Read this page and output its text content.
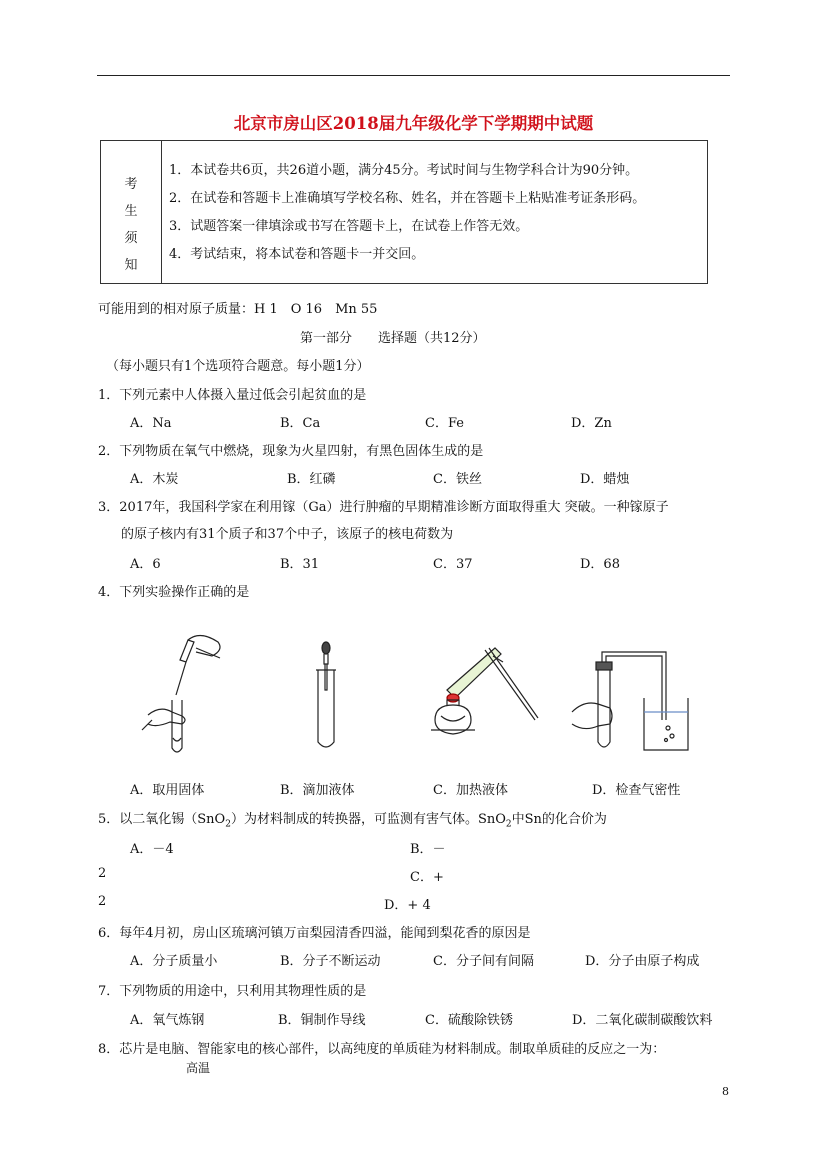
北京市房山区2018届九年级化学下学期期中试题
考
生
须
知
1．本试卷共6页，共26道小题，满分45分。考试时间与生物学科合计为90分钟。
2．在试卷和答题卡上准确填写学校名称、姓名，并在答题卡上粘贴准考证条形码。
3．试题答案一律填涂或书写在答题卡上，在试卷上作答无效。
4．考试结束，将本试卷和答题卡一并交回。
可能用到的相对原子质量：H 1　O 16　Mn 55
第一部分　　选择题（共12分）
（每小题只有1个选项符合题意。每小题1分）
1．下列元素中人体摄入量过低会引起贫血的是
A．Na	B．Ca	C．Fe	D．Zn
2．下列物质在氧气中燃烧，现象为火星四射，有黑色固体生成的是
A．木炭	B．红磷	C．铁丝	D．蜡烛
3．2017年，我国科学家在利用镓（Ga）进行肿瘤的早期精准诊断方面取得重大 突破。一种镓原子
的原子核内有31个质子和37个中子，该原子的核电荷数为
A．6	B．31	C．37	D．68
4．下列实验操作正确的是
A．取用固体	B．滴加液体	C．加热液体	D．检查气密性
5．以二氧化锡（SnO$_2$）为材料制成的转换器，可监测有害气体。SnO$_2$中Sn的化合价为
A．－4	B．－
2	C．+
2	D．+ 4
6．每年4月初，房山区琉璃河镇万亩梨园清香四溢，能闻到梨花香的原因是
A．分子质量小	B．分子不断运动	C．分子间有间隔	D．分子由原子构成
7．下列物质的用途中，只利用其物理性质的是
A．氧气炼钢	B．铜制作导线	C．硫酸除铁锈	D．二氧化碳制碳酸饮料
8．芯片是电脑、智能家电的核心部件，以高纯度的单质硅为材料制成。制取单质硅的反应之一为：
高温
8
